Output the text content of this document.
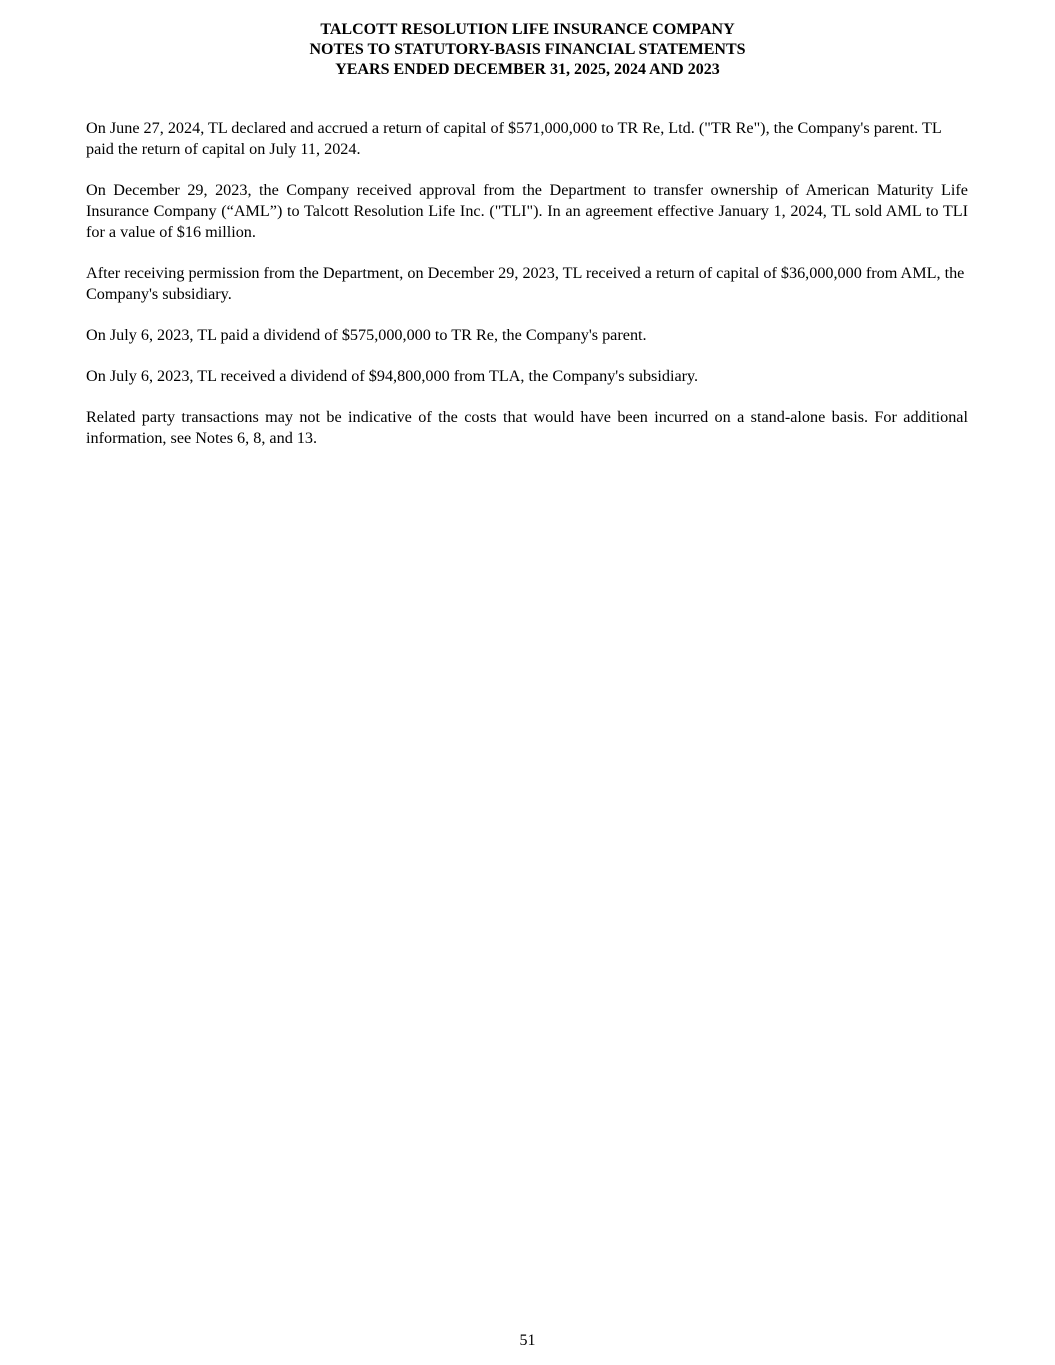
TALCOTT RESOLUTION LIFE INSURANCE COMPANY
NOTES TO STATUTORY-BASIS FINANCIAL STATEMENTS
YEARS ENDED DECEMBER 31, 2025, 2024 AND 2023

On June 27, 2024, TL declared and accrued a return of capital of $571,000,000 to TR Re, Ltd. ("TR Re"), the Company's parent. TL paid the return of capital on July 11, 2024.

On December 29, 2023, the Company received approval from the Department to transfer ownership of American Maturity Life Insurance Company (“AML”) to Talcott Resolution Life Inc. ("TLI"). In an agreement effective January 1, 2024, TL sold AML to TLI for a value of $16 million.

After receiving permission from the Department, on December 29, 2023, TL received a return of capital of $36,000,000 from AML, the Company's subsidiary.

On July 6, 2023, TL paid a dividend of $575,000,000 to TR Re, the Company's parent.

On July 6, 2023, TL received a dividend of $94,800,000 from TLA, the Company's subsidiary.

Related party transactions may not be indicative of the costs that would have been incurred on a stand-alone basis. For additional information, see Notes 6, 8, and 13.

51
